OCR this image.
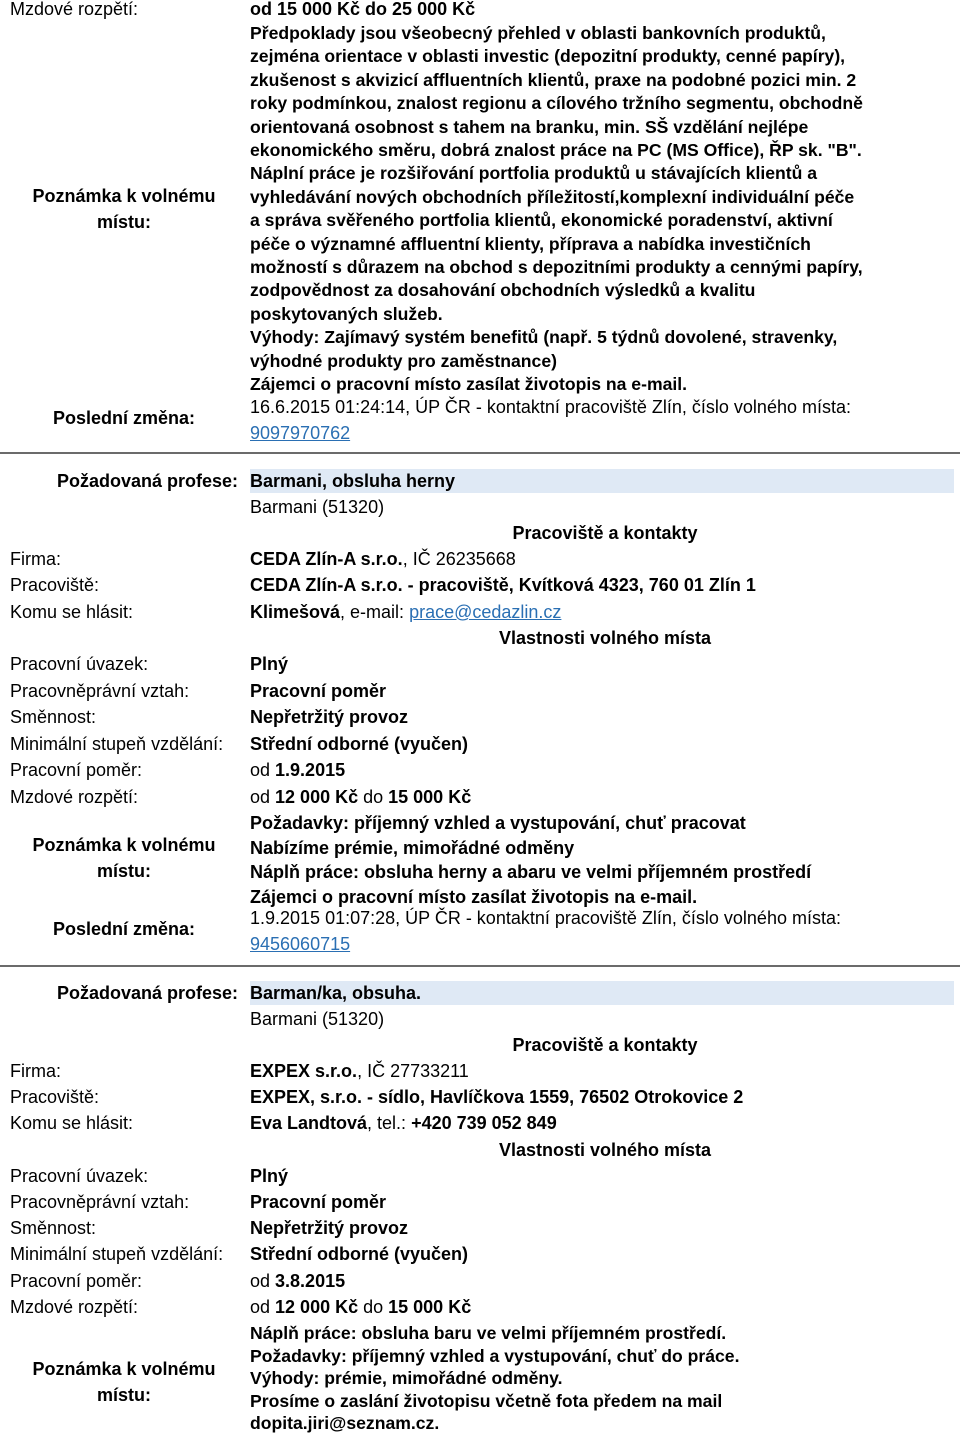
Mzdové rozpětí:	od 15 000 Kč do 25 000 Kč
Poznámka k volnému místu:
Předpoklady jsou všeobecný přehled v oblasti bankovních produktů,
zejména orientace v oblasti investic (depozitní produkty, cenné papíry),
zkušenost s akvizicí affluentních klientů, praxe na podobné pozici min. 2
roky podmínkou, znalost regionu a cílového tržního segmentu, obchodně
orientovaná osobnost s tahem na branku, min. SŠ vzdělání nejlépe
ekonomického směru, dobrá znalost práce na PC (MS Office), ŘP sk. "B".
Náplní práce je rozšiřování portfolia produktů u stávajících klientů a
vyhledávání nových obchodních příležitostí,komplexní individuální péče
a správa svěřeného portfolia klientů, ekonomické poradenství, aktivní
péče o významné affluentní klienty, příprava a nabídka investičních
možností s důrazem na obchod s depozitními produkty a cennými papíry,
zodpovědnost za dosahování obchodních výsledků a kvalitu
poskytovaných služeb.
Výhody: Zajímavý systém benefitů (např. 5 týdnů dovolené, stravenky,
výhodné produkty pro zaměstnance)
Zájemci o pracovní místo zasílat životopis na e-mail.
Poslední změna:
16.6.2015 01:24:14, ÚP ČR - kontaktní pracoviště Zlín, číslo volného místa:
9097970762
Požadovaná profese: Barmani, obsluha herny
Barmani (51320)
Pracoviště a kontakty
Firma:	CEDA Zlín-A s.r.o., IČ 26235668
Pracoviště:	CEDA Zlín-A s.r.o. - pracoviště, Kvítková 4323, 760 01 Zlín 1
Komu se hlásit:	Klimešová, e-mail: prace@cedazlin.cz
Vlastnosti volného místa
Pracovní úvazek:	Plný
Pracovněprávní vztah:	Pracovní poměr
Směnnost:	Nepřetržitý provoz
Minimální stupeň vzdělání: Střední odborné (vyučen)
Pracovní poměr:	od 1.9.2015
Mzdové rozpětí:	od 12 000 Kč do 15 000 Kč
Poznámka k volnému místu:
Požadavky: příjemný vzhled a vystupování, chuť pracovat
Nabízíme prémie, mimořádné odměny
Náplň práce: obsluha herny a abaru ve velmi příjemném prostředí
Zájemci o pracovní místo zasílat životopis na e-mail.
Poslední změna:
1.9.2015 01:07:28, ÚP ČR - kontaktní pracoviště Zlín, číslo volného místa:
9456060715
Požadovaná profese: Barman/ka, obsuha.
Barmani (51320)
Pracoviště a kontakty
Firma:	EXPEX s.r.o., IČ 27733211
Pracoviště:	EXPEX, s.r.o. - sídlo, Havlíčkova 1559, 76502 Otrokovice 2
Komu se hlásit:	Eva Landtová, tel.: +420 739 052 849
Vlastnosti volného místa
Pracovní úvazek:	Plný
Pracovněprávní vztah:	Pracovní poměr
Směnnost:	Nepřetržitý provoz
Minimální stupeň vzdělání: Střední odborné (vyučen)
Pracovní poměr:	od 3.8.2015
Mzdové rozpětí:	od 12 000 Kč do 15 000 Kč
Poznámka k volnému místu:
Náplň práce: obsluha baru ve velmi příjemném prostředí.
Požadavky: příjemný vzhled a vystupování, chuť do práce.
Výhody: prémie, mimořádné odměny.
Prosíme o zaslání životopisu včetně fota předem na mail
dopita.jiri@seznam.cz.
